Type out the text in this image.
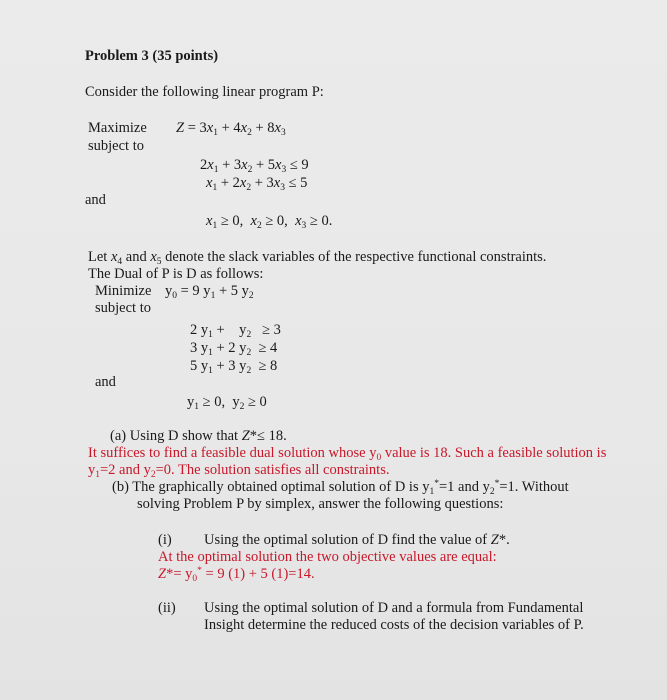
Problem 3 (35 points)
Consider the following linear program P:
Maximize $Z = 3x_1 + 4x_2 + 8x_3$
subject to
$2x_1 + 3x_2 + 5x_3 \le 9$
$x_1 + 2x_2 + 3x_3 \le 5$
and
$x_1 \ge 0$,  $x_2 \ge 0$,  $x_3 \ge 0$.
Let $x_4$ and $x_5$ denote the slack variables of the respective functional constraints.
The Dual of P is D as follows:
Minimize $y_0 = 9$ $y_1 + 5$ $y_2$
subject to
2 $y_1$ +    $y_2 \ge 3$
3 $y_1 + 2$ $y_2 \ge 4$
5 $y_1 + 3$ $y_2 \ge 8$
and
$y_1 \ge 0$,  $y_2 \ge 0$
(a) Using D show that Z*≤ 18.
It suffices to find a feasible dual solution whose $y_0$ value is 18. Such a feasible solution is
$y_1=2$ and $y_2=0$. The solution satisfies all constraints.
(b) The graphically obtained optimal solution of D is $y_1^*=1$ and $y_2^*=1$. Without
solving Problem P by simplex, answer the following questions:
(i) Using the optimal solution of D find the value of Z*.
At the optimal solution the two objective values are equal:
$Z*= y_0^* = 9$ (1) + 5 (1)=14.
(ii) Using the optimal solution of D and a formula from Fundamental
Insight determine the reduced costs of the decision variables of P.
